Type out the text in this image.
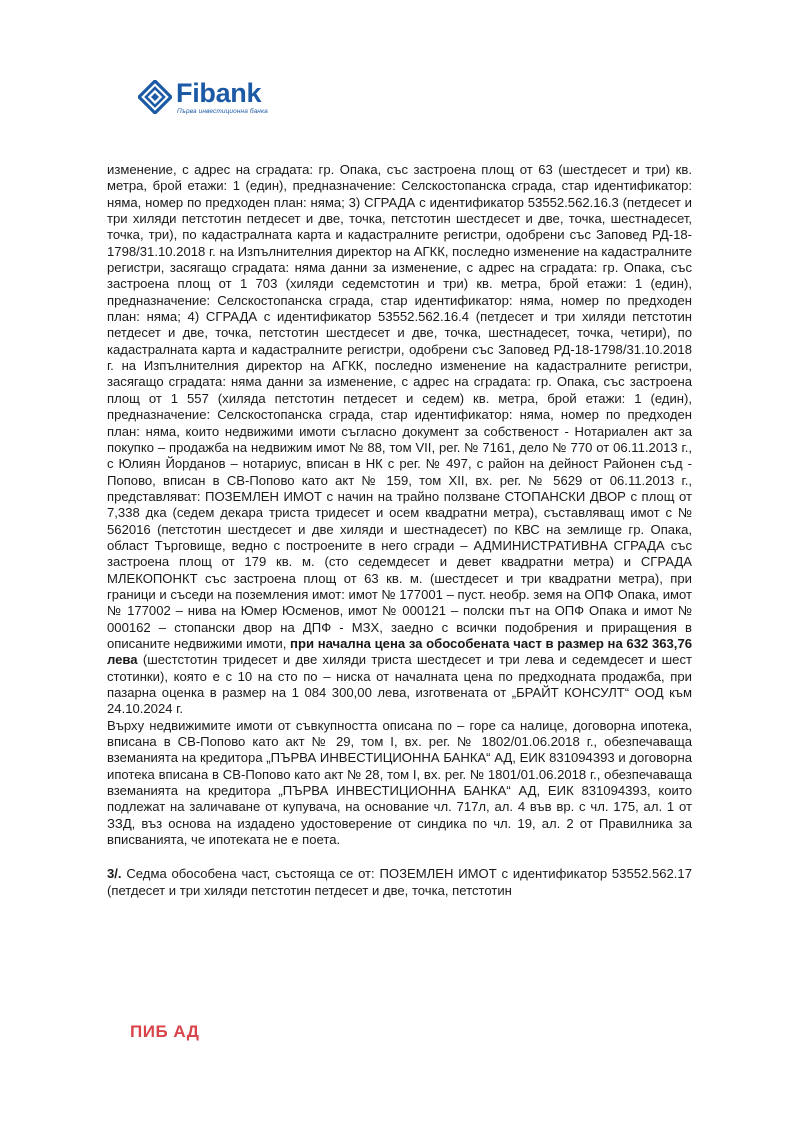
Fibank
Първа инвестиционна банка

изменение, с адрес на сградата: гр. Опака, със застроена площ от 63 (шестдесет и три) кв. метра, брой етажи: 1 (един), предназначение: Селскостопанска сграда, стар идентификатор: няма, номер по предходен план: няма; 3) СГРАДА с идентификатор 53552.562.16.3 (петдесет и три хиляди петстотин петдесет и две, точка, петстотин шестдесет и две, точка, шестнадесет, точка, три), по кадастралната карта и кадастралните регистри, одобрени със Заповед РД-18-1798/31.10.2018 г. на Изпълнителния директор на АГКК, последно изменение на кадастралните регистри, засягащо сградата: няма данни за изменение, с адрес на сградата: гр. Опака, със застроена площ от 1 703 (хиляди седемстотин и три) кв. метра, брой етажи: 1 (един), предназначение: Селскостопанска сграда, стар идентификатор: няма, номер по предходен план: няма; 4) СГРАДА с идентификатор 53552.562.16.4 (петдесет и три хиляди петстотин петдесет и две, точка, петстотин шестдесет и две, точка, шестнадесет, точка, четири), по кадастралната карта и кадастралните регистри, одобрени със Заповед РД-18-1798/31.10.2018 г. на Изпълнителния директор на АГКК, последно изменение на кадастралните регистри, засягащо сградата: няма данни за изменение, с адрес на сградата: гр. Опака, със застроена площ от 1 557 (хиляда петстотин петдесет и седем) кв. метра, брой етажи: 1 (един), предназначение: Селскостопанска сграда, стар идентификатор: няма, номер по предходен план: няма, които недвижими имоти съгласно документ за собственост - Нотариален акт за покупко – продажба на недвижим имот № 88, том VII, рег. № 7161, дело № 770 от 06.11.2013 г., с Юлиян Йорданов – нотариус, вписан в НК с рег. № 497, с район на дейност Районен съд - Попово, вписан в СВ-Попово като акт № 159, том XII, вх. рег. № 5629 от 06.11.2013 г., представляват: ПОЗЕМЛЕН ИМОТ с начин на трайно ползване СТОПАНСКИ ДВОР с площ от 7,338 дка (седем декара триста тридесет и осем квадратни метра), съставляващ имот с № 562016 (петстотин шестдесет и две хиляди и шестнадесет) по КВС на землище гр. Опака, област Търговище, ведно с построените в него сгради – АДМИНИСТРАТИВНА СГРАДА със застроена площ от 179 кв. м. (сто седемдесет и девет квадратни метра) и СГРАДА МЛЕКОПОНКТ със застроена площ от 63 кв. м. (шестдесет и три квадратни метра), при граници и съседи на поземления имот: имот № 177001 – пуст. необр. земя на ОПФ Опака, имот № 177002 – нива на Юмер Юсменов, имот № 000121 – полски път на ОПФ Опака и имот № 000162 – стопански двор на ДПФ - МЗХ, заедно с всички подобрения и приращения в описаните недвижими имоти, при начална цена за обособената част в размер на 632 363,76 лева (шестстотин тридесет и две хиляди триста шестдесет и три лева и седемдесет и шест стотинки), която е с 10 на сто по – ниска от началната цена по предходната продажба, при пазарна оценка в размер на 1 084 300,00 лева, изготвената от „БРАЙТ КОНСУЛТ“ ООД към 24.10.2024 г.

Върху недвижимите имоти от съвкупността описана по – горе са налице, договорна ипотека, вписана в СВ-Попово като акт № 29, том I, вх. рег. № 1802/01.06.2018 г., обезпечаваща вземанията на кредитора „ПЪРВА ИНВЕСТИЦИОННА БАНКА“ АД, ЕИК 831094393 и договорна ипотека вписана в СВ-Попово като акт № 28, том I, вх. рег. № 1801/01.06.2018 г., обезпечаваща вземанията на кредитора „ПЪРВА ИНВЕСТИЦИОННА БАНКА“ АД, ЕИК 831094393, които подлежат на заличаване от купувача, на основание чл. 717л, ал. 4 във вр. с чл. 175, ал. 1 от ЗЗД, въз основа на издадено удостоверение от синдика по чл. 19, ал. 2 от Правилника за вписванията, че ипотеката не е поета.

3/. Седма обособена част, състояща се от: ПОЗЕМЛЕН ИМОТ с идентификатор 53552.562.17 (петдесет и три хиляди петстотин петдесет и две, точка, петстотин

ПИБ АД
